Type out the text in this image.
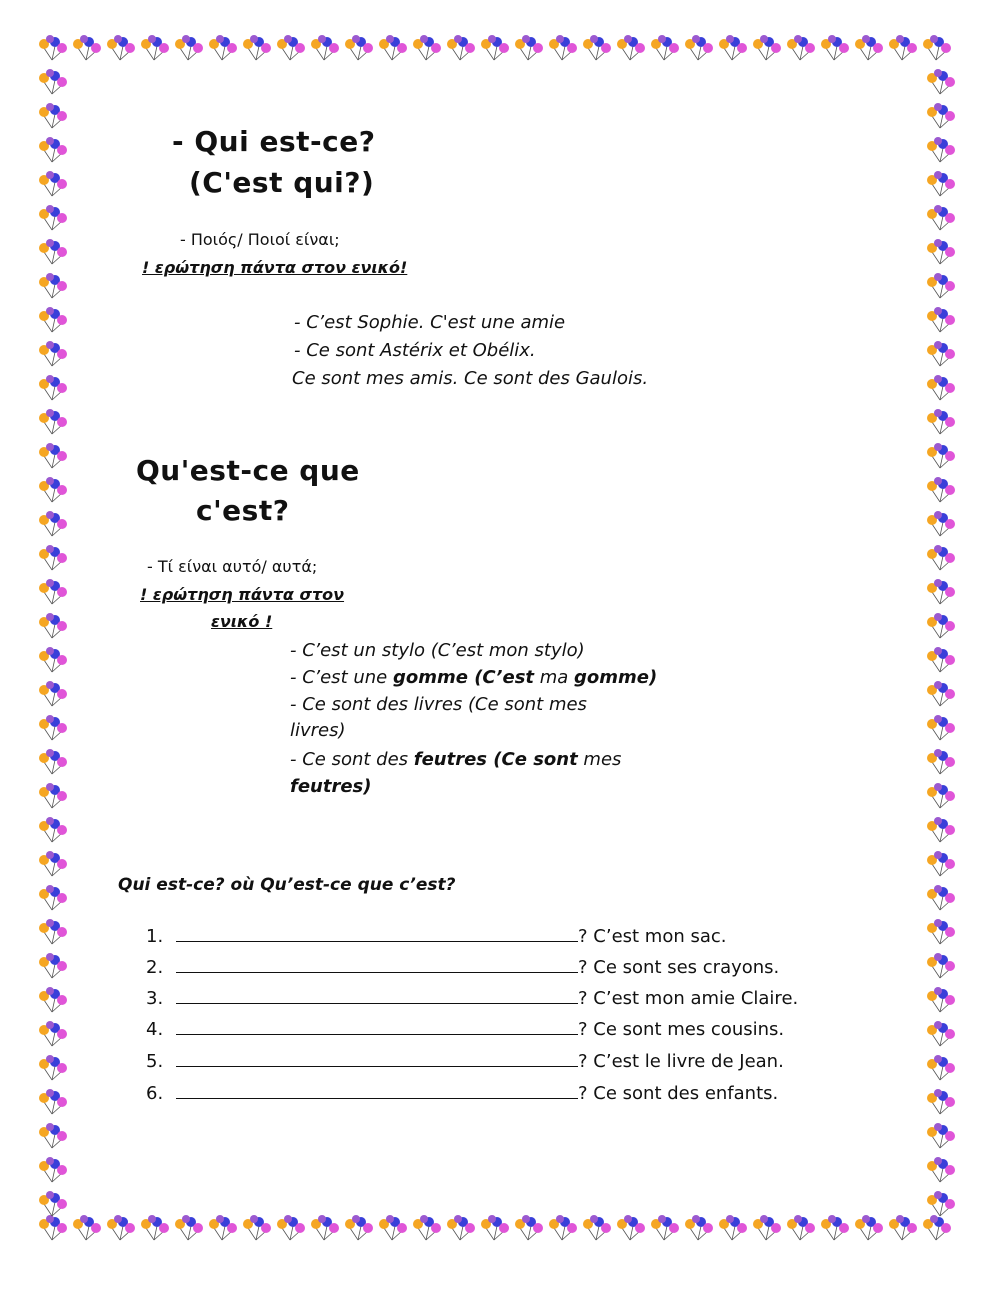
- Qui est-ce?
(C'est qui?)
- Ποιός/ Ποιοί είναι;
! ερώτηση πάντα στον ενικό!
- C’est Sophie. C'est une amie
- Ce sont Astérix et Obélix.
Ce sont mes amis. Ce sont des Gaulois.
Qu'est-ce que
c'est?
- Τί είναι αυτό/ αυτά;
! ερώτηση πάντα στον
ενικό !
- C’est un stylo (C’est mon stylo)
- C’est une gomme (C’est ma gomme)
- Ce sont des livres (Ce sont mes
livres)
- Ce sont des feutres (Ce sont mes
feutres)
Qui est-ce? où Qu’est-ce que c’est?
1.	? C’est mon sac.
2.	? Ce sont ses crayons.
3.	? C’est mon amie Claire.
4.	? Ce sont mes cousins.
5.	? C’est le livre de Jean.
6.	? Ce sont des enfants.
